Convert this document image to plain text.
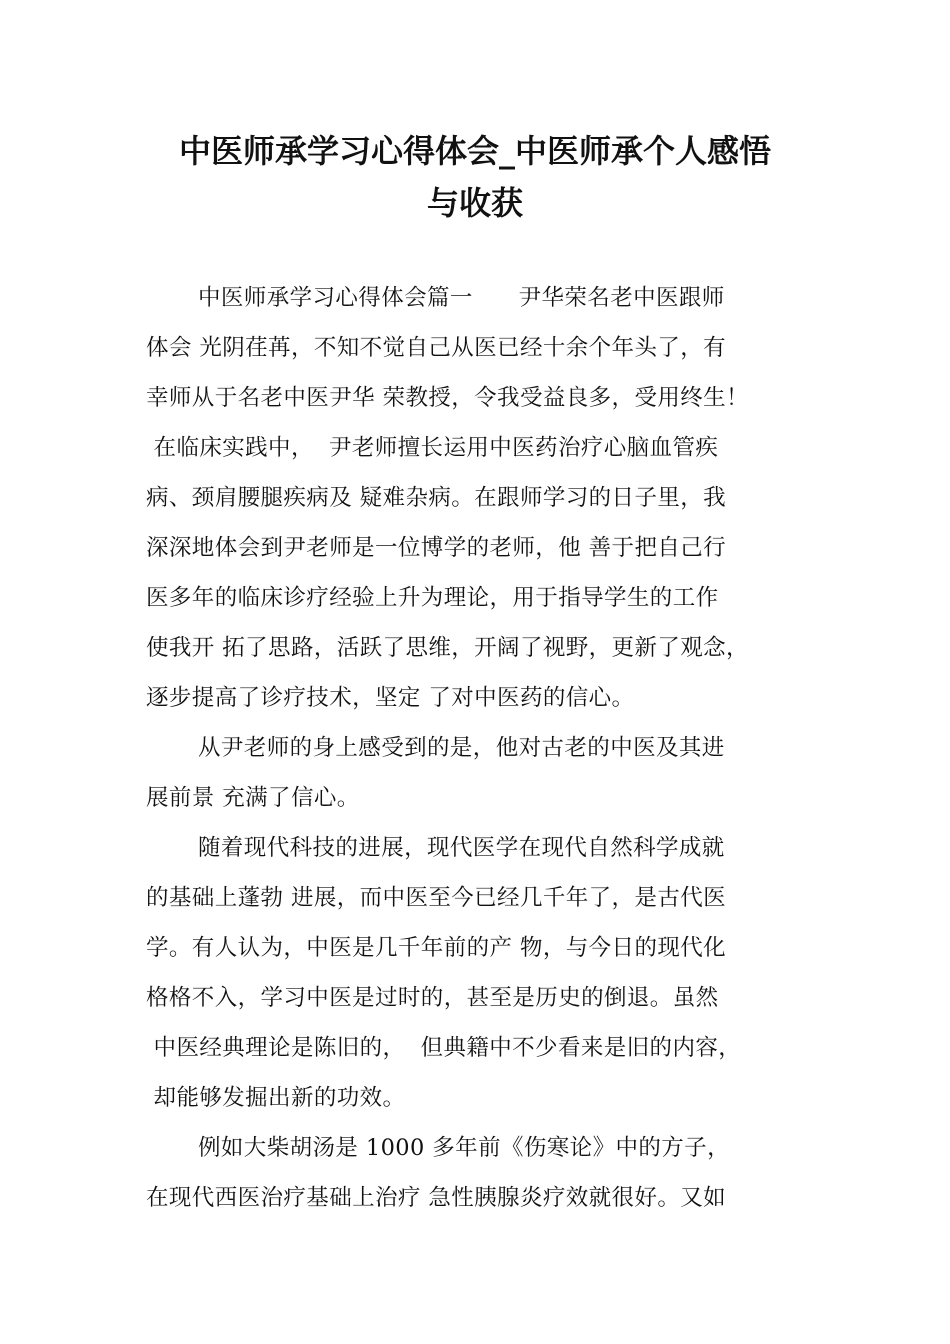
中医师承学习心得体会_中医师承个人感悟
与收获
中医师承学习心得体会篇一　　尹华荣名老中医跟师
体会 光阴荏苒，不知不觉自己从医已经十余个年头了，有
幸师从于名老中医尹华 荣教授，令我受益良多，受用终生！
在临床实践中，  尹老师擅长运用中医药治疗心脑血管疾
病、颈肩腰腿疾病及 疑难杂病。在跟师学习的日子里，我
深深地体会到尹老师是一位博学的老师，他 善于把自己行
医多年的临床诊疗经验上升为理论，用于指导学生的工作
使我开 拓了思路，活跃了思维，开阔了视野，更新了观念，
逐步提高了诊疗技术，坚定 了对中医药的信心。
从尹老师的身上感受到的是，他对古老的中医及其进
展前景 充满了信心。
随着现代科技的进展，现代医学在现代自然科学成就
的基础上蓬勃 进展，而中医至今已经几千年了，是古代医
学。有人认为，中医是几千年前的产 物，与今日的现代化
格格不入，学习中医是过时的，甚至是历史的倒退。虽然
中医经典理论是陈旧的，  但典籍中不少看来是旧的内容，
却能够发掘出新的功效。
例如大柴胡汤是 1000 多年前《伤寒论》中的方子，
在现代西医治疗基础上治疗 急性胰腺炎疗效就很好。又如
